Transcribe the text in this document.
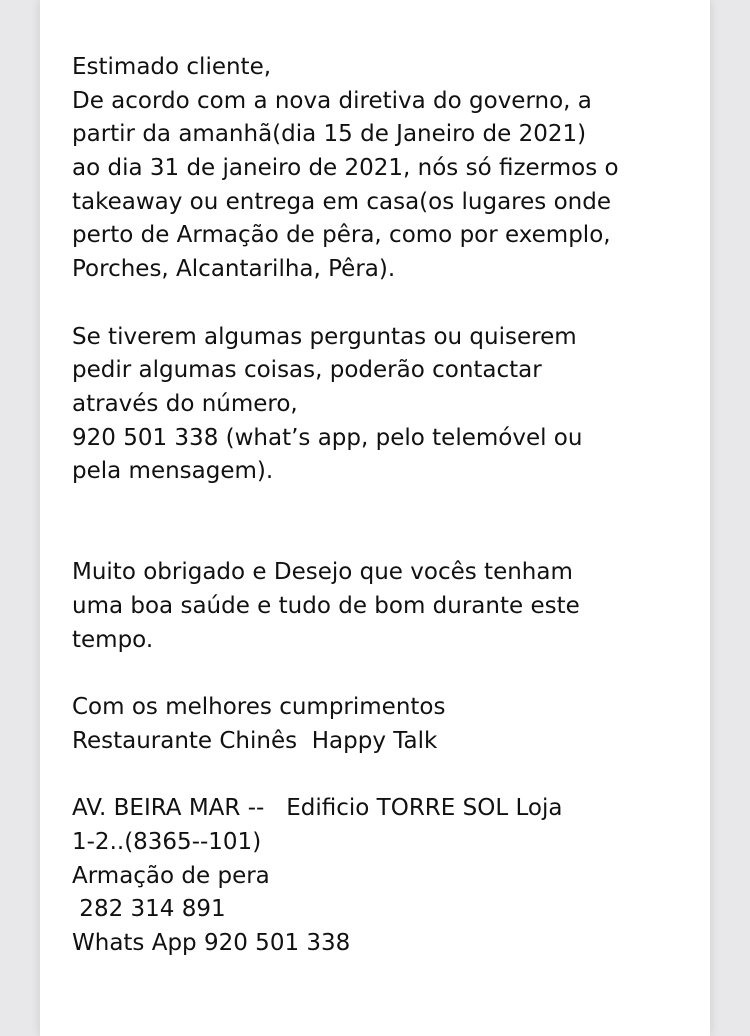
Estimado cliente,
De acordo com a nova diretiva do governo, a
partir da amanhã(dia 15 de Janeiro de 2021)
ao dia 31 de janeiro de 2021, nós só fizermos o
takeaway ou entrega em casa(os lugares onde
perto de Armação de pêra, como por exemplo,
Porches, Alcantarilha, Pêra).
Se tiverem algumas perguntas ou quiserem
pedir algumas coisas, poderão contactar
através do número,
920 501 338 (what’s app, pelo telemóvel ou
pela mensagem).
Muito obrigado e Desejo que vocês tenham
uma boa saúde e tudo de bom durante este
tempo.
Com os melhores cumprimentos
Restaurante Chinês  Happy Talk
AV. BEIRA MAR --   Edificio TORRE SOL Loja
1-2..(8365--101)
Armação de pera
282 314 891
Whats App 920 501 338
